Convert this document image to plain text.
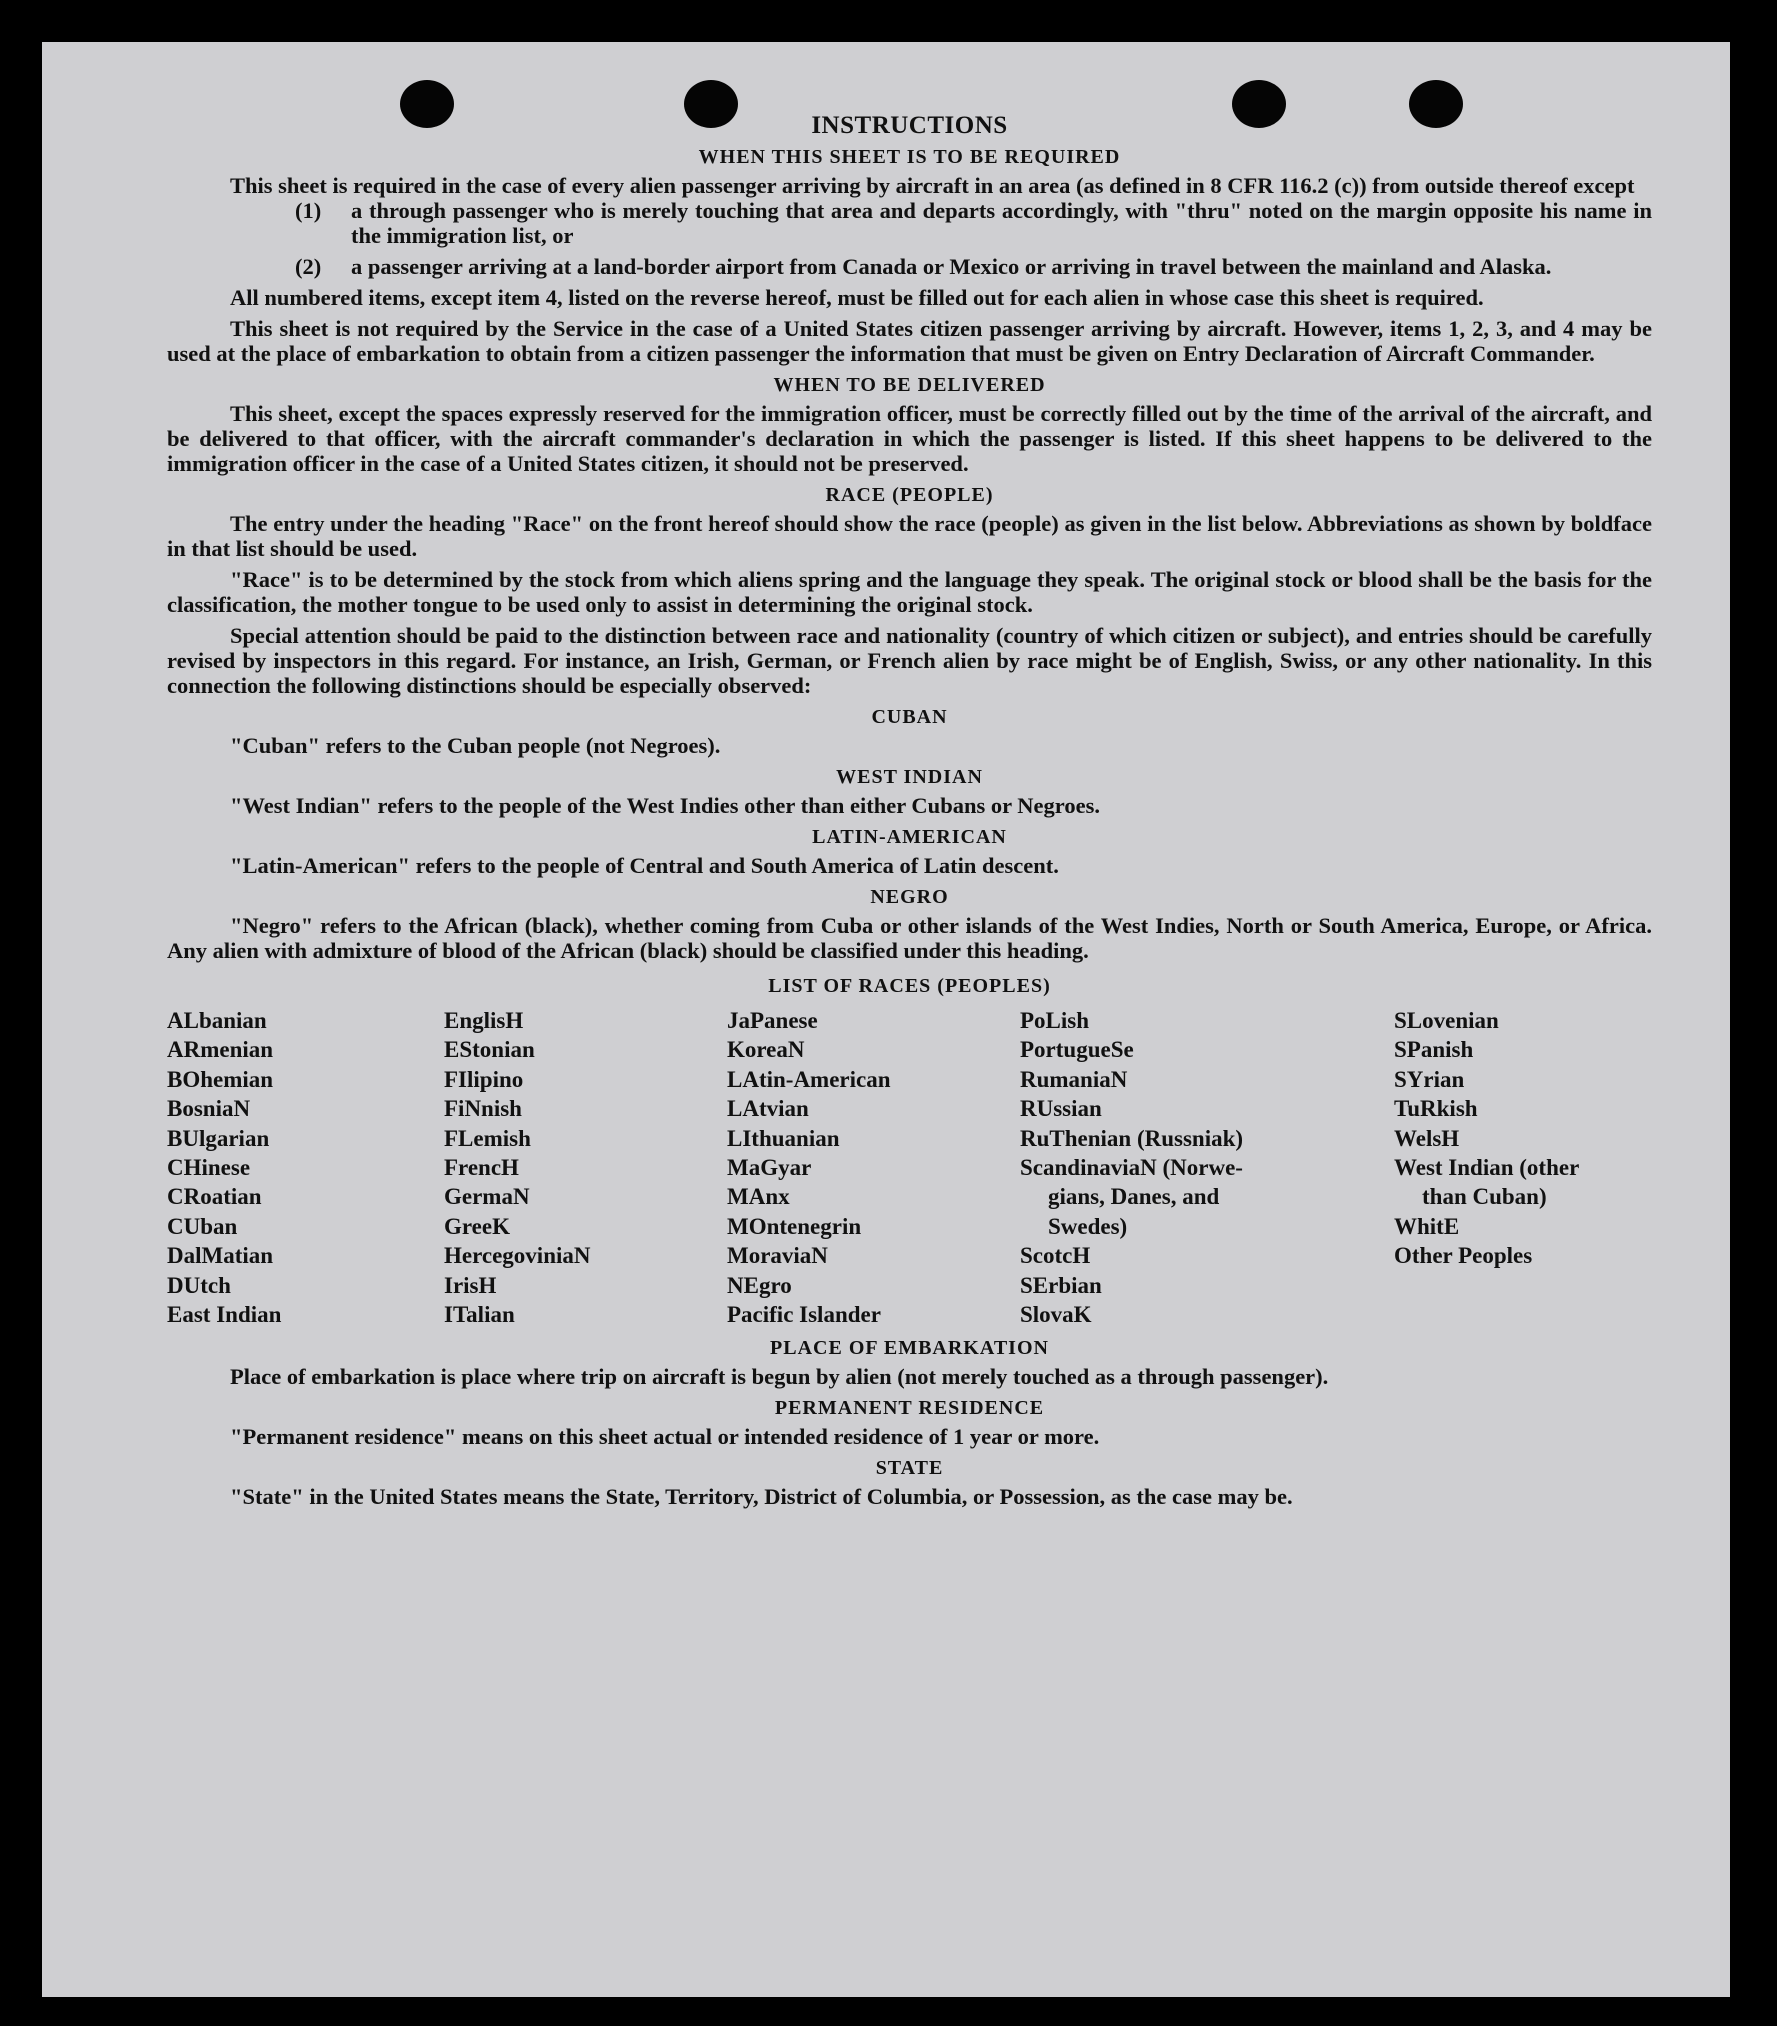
INSTRUCTIONS
WHEN THIS SHEET IS TO BE REQUIRED

This sheet is required in the case of every alien passenger arriving by aircraft in an area (as defined in 8 CFR 116.2 (c)) from outside thereof except

(1)	a through passenger who is merely touching that area and departs accordingly, with "thru" noted on the margin opposite his name in the immigration list, or
(2)	a passenger arriving at a land-border airport from Canada or Mexico or arriving in travel between the mainland and Alaska.

All numbered items, except item 4, listed on the reverse hereof, must be filled out for each alien in whose case this sheet is required.

This sheet is not required by the Service in the case of a United States citizen passenger arriving by aircraft. However, items 1, 2, 3, and 4 may be used at the place of embarkation to obtain from a citizen passenger the information that must be given on Entry Declaration of Aircraft Commander.

WHEN TO BE DELIVERED

This sheet, except the spaces expressly reserved for the immigration officer, must be correctly filled out by the time of the arrival of the aircraft, and be delivered to that officer, with the aircraft commander's declaration in which the passenger is listed. If this sheet happens to be delivered to the immigration officer in the case of a United States citizen, it should not be preserved.

RACE (PEOPLE)

The entry under the heading "Race" on the front hereof should show the race (people) as given in the list below. Abbreviations as shown by boldface in that list should be used.

"Race" is to be determined by the stock from which aliens spring and the language they speak. The original stock or blood shall be the basis for the classification, the mother tongue to be used only to assist in determining the original stock.

Special attention should be paid to the distinction between race and nationality (country of which citizen or subject), and entries should be carefully revised by inspectors in this regard. For instance, an Irish, German, or French alien by race might be of English, Swiss, or any other nationality. In this connection the following distinctions should be especially observed:

CUBAN

"Cuban" refers to the Cuban people (not Negroes).

WEST INDIAN

"West Indian" refers to the people of the West Indies other than either Cubans or Negroes.

LATIN-AMERICAN

"Latin-American" refers to the people of Central and South America of Latin descent.

NEGRO

"Negro" refers to the African (black), whether coming from Cuba or other islands of the West Indies, North or South America, Europe, or Africa. Any alien with admixture of blood of the African (black) should be classified under this heading.

LIST OF RACES (PEOPLES)
ALbanian
ARmenian
BOhemian
BosniaN
BUlgarian
CHinese
CRoatian
CUban
DalMatian
DUtch
East Indian
EnglisH
EStonian
FIlipino
FiNnish
FLemish
FrencH
GermaN
GreeK
HercegoviniaN
IrisH
ITalian
JaPanese
KoreaN
LAtin-American
LAtvian
LIthuanian
MaGyar
MAnx
MOntenegrin
MoraviaN
NEgro
Pacific Islander
PoLish
PortugueSe
RumaniaN
RUssian
RuThenian (Russniak)
ScandinaviaN (Norwe-
gians, Danes, and
Swedes)
ScotcH
SErbian
SlovaK
SLovenian
SPanish
SYrian
TuRkish
WelsH
West Indian (other
than Cuban)
WhitE
Other Peoples
PLACE OF EMBARKATION

Place of embarkation is place where trip on aircraft is begun by alien (not merely touched as a through passenger).

PERMANENT RESIDENCE

"Permanent residence" means on this sheet actual or intended residence of 1 year or more.

STATE

"State" in the United States means the State, Territory, District of Columbia, or Possession, as the case may be.
